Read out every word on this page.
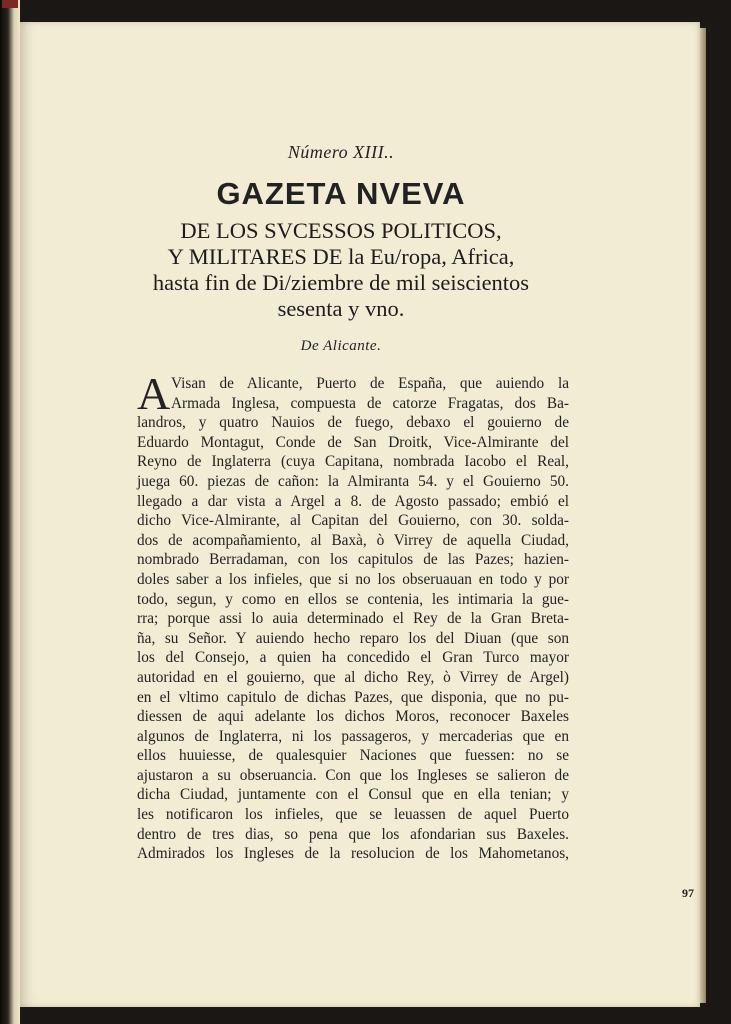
Número XIII..
GAZETA NVEVA
DE LOS SVCESSOS POLITICOS,
Y MILITARES DE la Eu/ropa, Africa,
hasta fin de Di/ziembre de mil seiscientos
sesenta y vno.
De Alicante.
A Visan de Alicante, Puerto de España, que auiendo la
Armada Inglesa, compuesta de catorze Fragatas, dos Ba-
landros, y quatro Nauios de fuego, debaxo el gouierno de
Eduardo Montagut, Conde de San Droitk, Vice-Almirante del
Reyno de Inglaterra (cuya Capitana, nombrada Iacobo el Real,
juega 60. piezas de cañon: la Almiranta 54. y el Gouierno 50.
llegado a dar vista a Argel a 8. de Agosto passado; embió el
dicho Vice-Almirante, al Capitan del Gouierno, con 30. solda-
dos de acompañamiento, al Baxà, ò Virrey de aquella Ciudad,
nombrado Berradaman, con los capitulos de las Pazes; hazien-
doles saber a los infieles, que si no los obseruauan en todo y por
todo, segun, y como en ellos se contenia, les intimaria la gue-
rra; porque assi lo auia determinado el Rey de la Gran Breta-
ña, su Señor. Y auiendo hecho reparo los del Diuan (que son
los del Consejo, a quien ha concedido el Gran Turco mayor
autoridad en el gouierno, que al dicho Rey, ò Virrey de Argel)
en el vltimo capitulo de dichas Pazes, que disponia, que no pu-
diessen de aqui adelante los dichos Moros, reconocer Baxeles
algunos de Inglaterra, ni los passageros, y mercaderias que en
ellos huuiesse, de qualesquier Naciones que fuessen: no se
ajustaron a su obseruancia. Con que los Ingleses se salieron de
dicha Ciudad, juntamente con el Consul que en ella tenian; y
les notificaron los infieles, que se leuassen de aquel Puerto
dentro de tres dias, so pena que los afondarian sus Baxeles.
Admirados los Ingleses de la resolucion de los Mahometanos,
97
